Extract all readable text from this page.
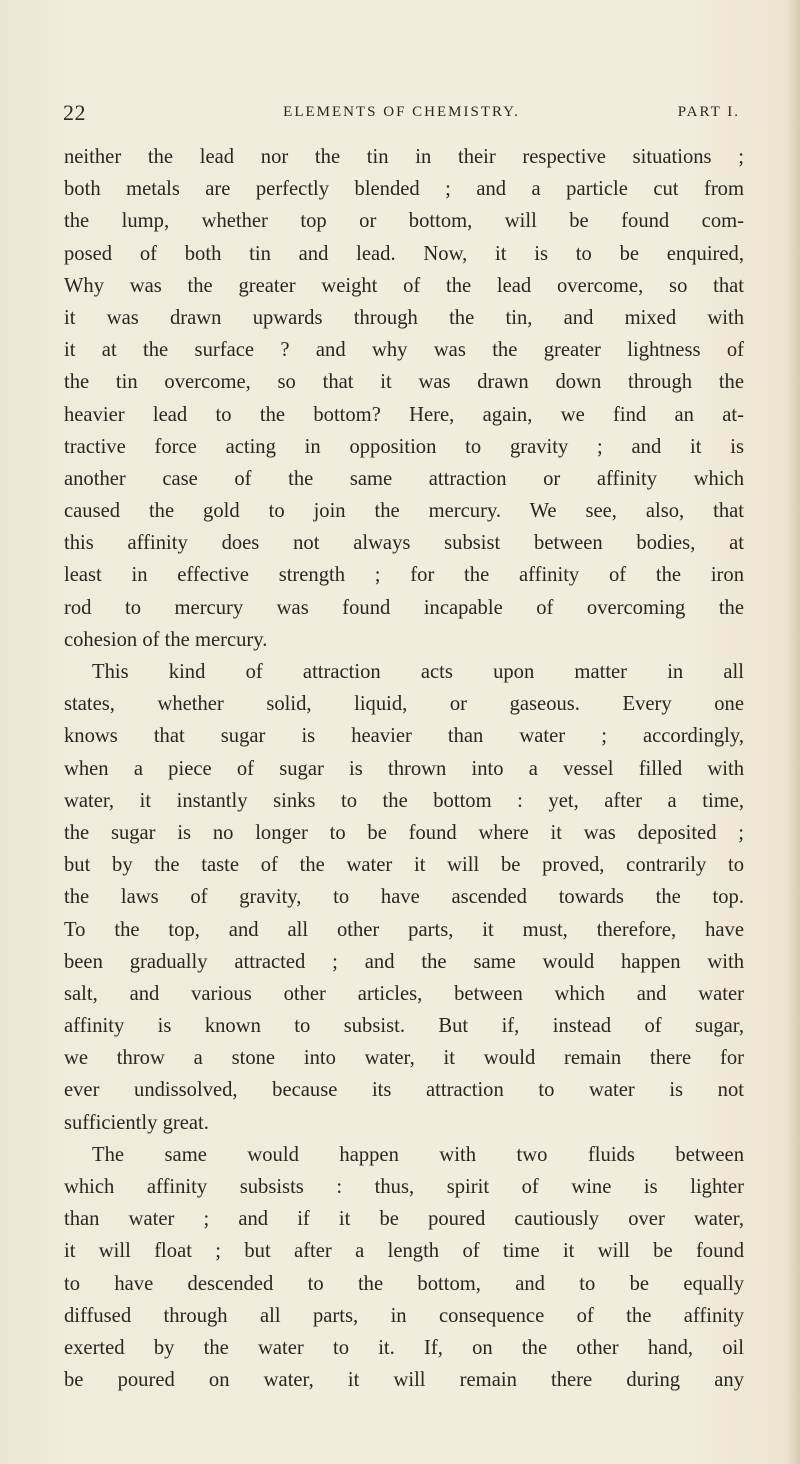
22	ELEMENTS OF CHEMISTRY.	PART I.
neither the lead nor the tin in their respective situations ;
both metals are perfectly blended ; and a particle cut from
the lump, whether top or bottom, will be found com-
posed of both tin and lead. Now, it is to be enquired,
Why was the greater weight of the lead overcome, so that
it was drawn upwards through the tin, and mixed with
it at the surface ? and why was the greater lightness of
the tin overcome, so that it was drawn down through the
heavier lead to the bottom? Here, again, we find an at-
tractive force acting in opposition to gravity ; and it is
another case of the same attraction or affinity which
caused the gold to join the mercury. We see, also, that
this affinity does not always subsist between bodies, at
least in effective strength ; for the affinity of the iron
rod to mercury was found incapable of overcoming the
cohesion of the mercury.
This kind of attraction acts upon matter in all
states, whether solid, liquid, or gaseous. Every one
knows that sugar is heavier than water ; accordingly,
when a piece of sugar is thrown into a vessel filled with
water, it instantly sinks to the bottom : yet, after a time,
the sugar is no longer to be found where it was deposited ;
but by the taste of the water it will be proved, contrarily to
the laws of gravity, to have ascended towards the top.
To the top, and all other parts, it must, therefore, have
been gradually attracted ; and the same would happen with
salt, and various other articles, between which and water
affinity is known to subsist. But if, instead of sugar,
we throw a stone into water, it would remain there for
ever undissolved, because its attraction to water is not
sufficiently great.
The same would happen with two fluids between
which affinity subsists : thus, spirit of wine is lighter
than water ; and if it be poured cautiously over water,
it will float ; but after a length of time it will be found
to have descended to the bottom, and to be equally
diffused through all parts, in consequence of the affinity
exerted by the water to it. If, on the other hand, oil
be poured on water, it will remain there during any
